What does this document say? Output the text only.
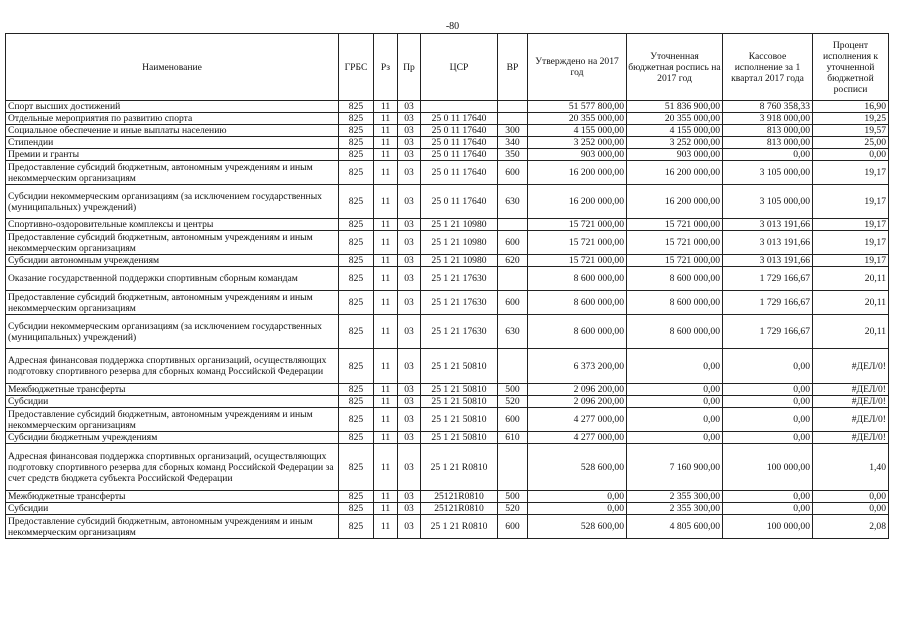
-80
Наименование	ГРБС	Рз	Пр	ЦСР	ВР	Утверждено на 2017 год	Уточненная бюджетная роспись на 2017 год	Кассовое исполнение за 1 квартал 2017 года	Процент исполнения к уточненной бюджетной росписи
Спорт высших достижений	825	11	03			51 577 800,00	51 836 900,00	8 760 358,33	16,90
Отдельные мероприятия по развитию спорта	825	11	03	25 0 11 17640		20 355 000,00	20 355 000,00	3 918 000,00	19,25
Социальное обеспечение и иные выплаты населению	825	11	03	25 0 11 17640	300	4 155 000,00	4 155 000,00	813 000,00	19,57
Стипендии	825	11	03	25 0 11 17640	340	3 252 000,00	3 252 000,00	813 000,00	25,00
Премии и гранты	825	11	03	25 0 11 17640	350	903 000,00	903 000,00	0,00	0,00
Предоставление субсидий бюджетным, автономным учреждениям и иным некоммерческим организациям	825	11	03	25 0 11 17640	600	16 200 000,00	16 200 000,00	3 105 000,00	19,17
Субсидии некоммерческим организациям (за исключением государственных (муниципальных) учреждений)	825	11	03	25 0 11 17640	630	16 200 000,00	16 200 000,00	3 105 000,00	19,17
Спортивно-оздоровительные комплексы и центры	825	11	03	25 1 21 10980		15 721 000,00	15 721 000,00	3 013 191,66	19,17
Предоставление субсидий бюджетным, автономным учреждениям и иным некоммерческим организациям	825	11	03	25 1 21 10980	600	15 721 000,00	15 721 000,00	3 013 191,66	19,17
Субсидии автономным учреждениям	825	11	03	25 1 21 10980	620	15 721 000,00	15 721 000,00	3 013 191,66	19,17
Оказание государственной поддержки спортивным сборным командам	825	11	03	25 1 21 17630		8 600 000,00	8 600 000,00	1 729 166,67	20,11
Предоставление субсидий бюджетным, автономным учреждениям и иным некоммерческим организациям	825	11	03	25 1 21 17630	600	8 600 000,00	8 600 000,00	1 729 166,67	20,11
Субсидии некоммерческим организациям (за исключением государственных (муниципальных) учреждений)	825	11	03	25 1 21 17630	630	8 600 000,00	8 600 000,00	1 729 166,67	20,11
Адресная финансовая поддержка спортивных организаций, осуществляющих подготовку спортивного резерва для сборных команд Российской Федерации	825	11	03	25 1 21 50810		6 373 200,00	0,00	0,00	#ДЕЛ/0!
Межбюджетные трансферты	825	11	03	25 1 21 50810	500	2 096 200,00	0,00	0,00	#ДЕЛ/0!
Субсидии	825	11	03	25 1 21 50810	520	2 096 200,00	0,00	0,00	#ДЕЛ/0!
Предоставление субсидий бюджетным, автономным учреждениям и иным некоммерческим организациям	825	11	03	25 1 21 50810	600	4 277 000,00	0,00	0,00	#ДЕЛ/0!
Субсидии бюджетным учреждениям	825	11	03	25 1 21 50810	610	4 277 000,00	0,00	0,00	#ДЕЛ/0!
Адресная финансовая поддержка спортивных организаций, осуществляющих подготовку спортивного резерва для сборных команд Российской Федерации за счет средств бюджета субъекта Российской Федерации	825	11	03	25 1 21 R0810		528 600,00	7 160 900,00	100 000,00	1,40
Межбюджетные трансферты	825	11	03	25121R0810	500	0,00	2 355 300,00	0,00	0,00
Субсидии	825	11	03	25121R0810	520	0,00	2 355 300,00	0,00	0,00
Предоставление субсидий бюджетным, автономным учреждениям и иным некоммерческим организациям	825	11	03	25 1 21 R0810	600	528 600,00	4 805 600,00	100 000,00	2,08
